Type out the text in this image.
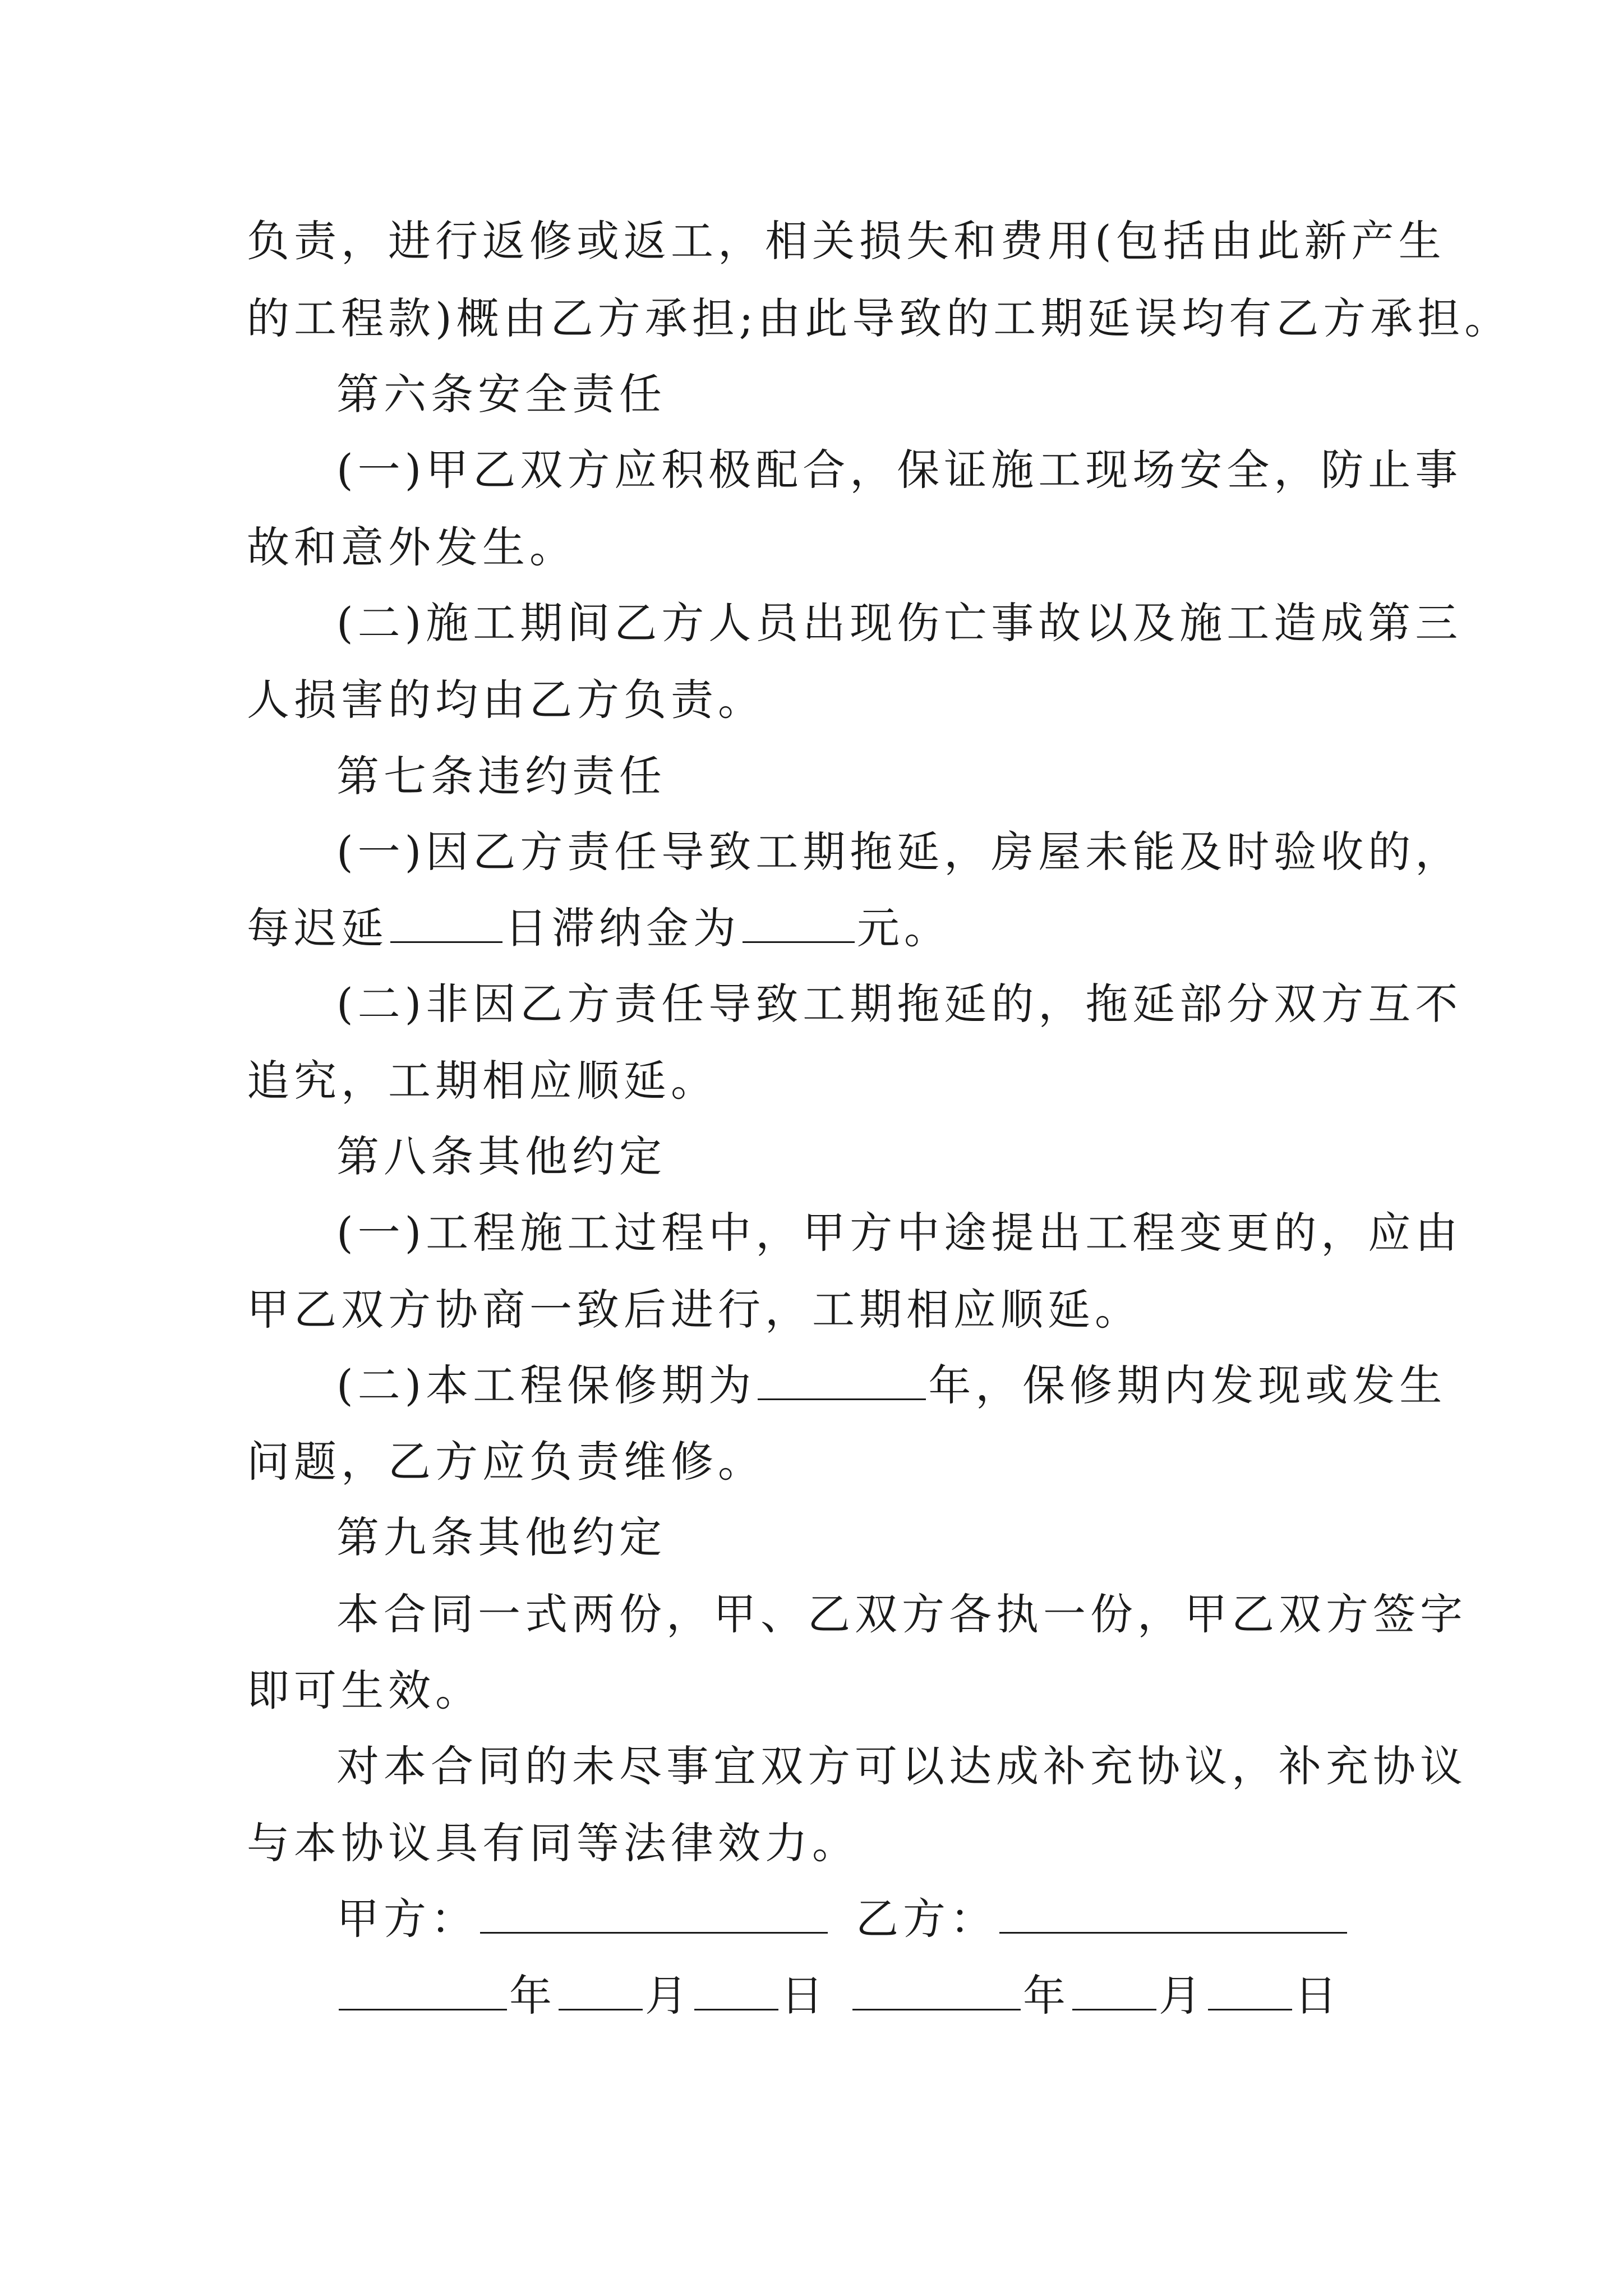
负责，进行返修或返工，相关损失和费用(包括由此新产生
的工程款)概由乙方承担;由此导致的工期延误均有乙方承担。
第六条安全责任
(一)甲乙双方应积极配合，保证施工现场安全，防止事
故和意外发生。
(二)施工期间乙方人员出现伤亡事故以及施工造成第三
人损害的均由乙方负责。
第七条违约责任
(一)因乙方责任导致工期拖延，房屋未能及时验收的，
每迟延	日滞纳金为	元。
(二)非因乙方责任导致工期拖延的，拖延部分双方互不
追究，工期相应顺延。
第八条其他约定
(一)工程施工过程中，甲方中途提出工程变更的，应由
甲乙双方协商一致后进行，工期相应顺延。
(二)本工程保修期为	年，保修期内发现或发生
问题，乙方应负责维修。
第九条其他约定
本合同一式两份，甲、乙双方各执一份，甲乙双方签字
即可生效。
对本合同的未尽事宜双方可以达成补充协议，补充协议
与本协议具有同等法律效力。
甲方：	乙方：
年 月 日	年 月 日
